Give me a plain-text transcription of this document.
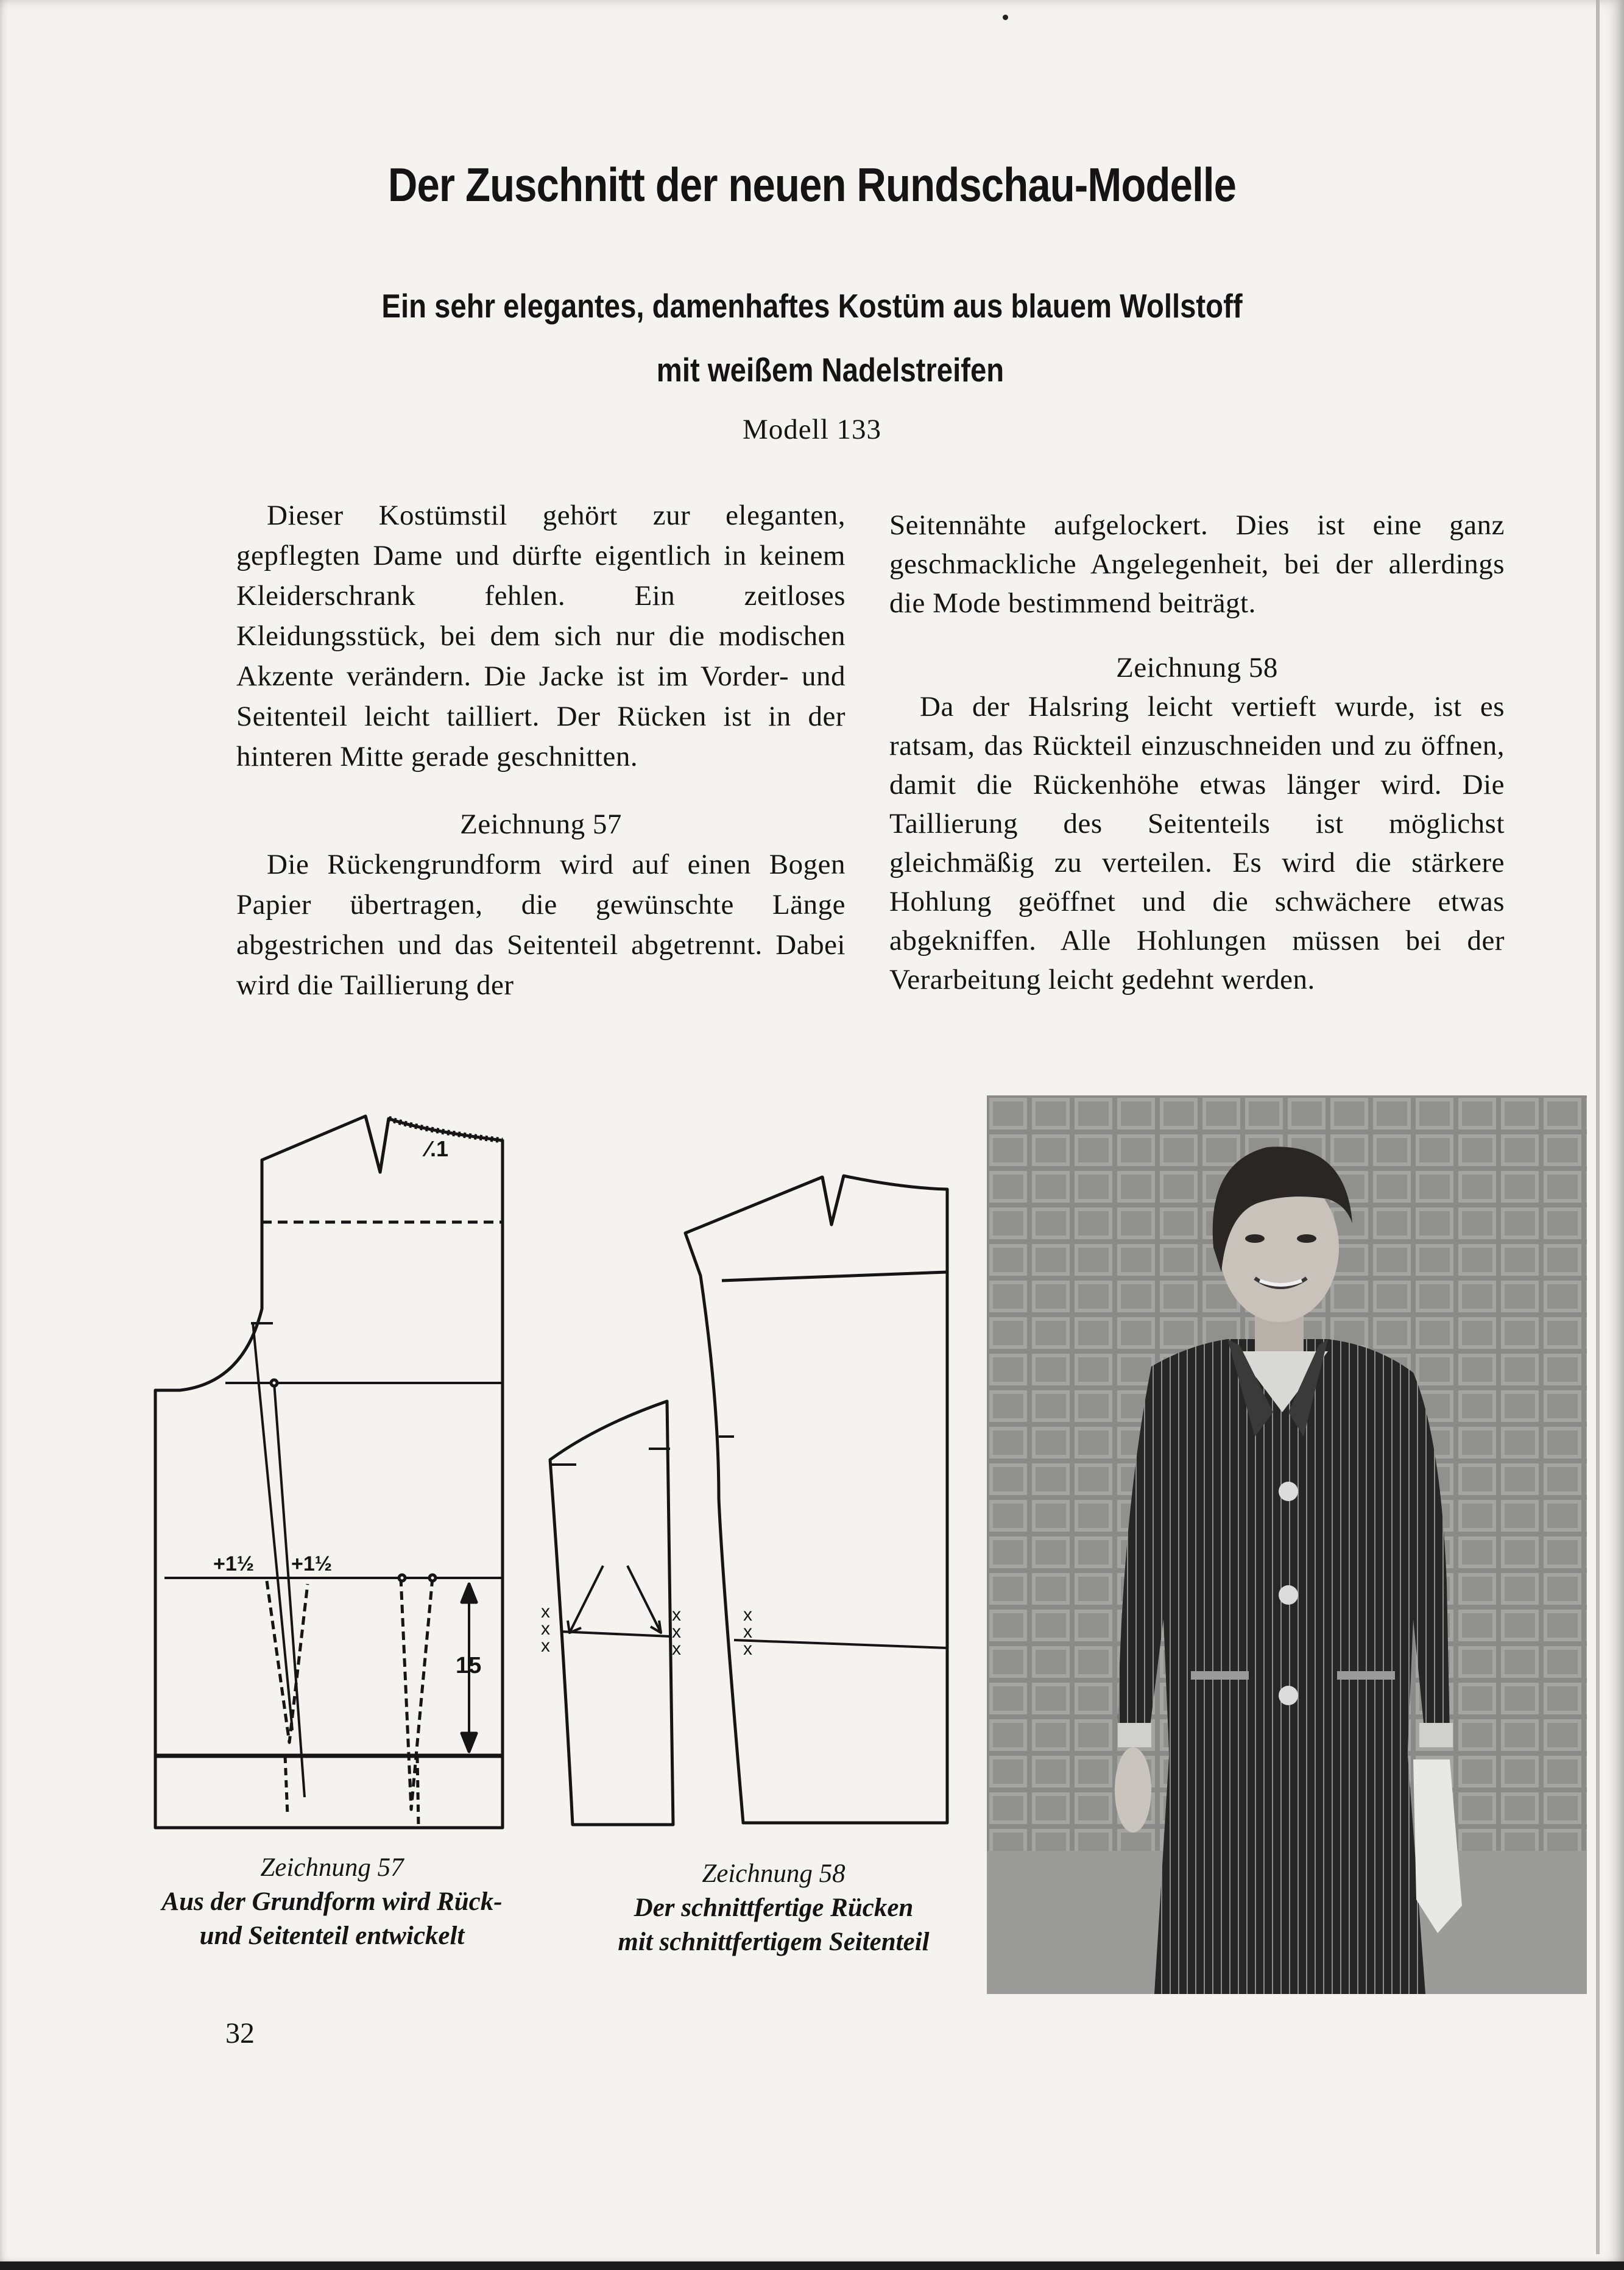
Der Zuschnitt der neuen Rundschau-Modelle
Ein sehr elegantes, damenhaftes Kostüm aus blauem Wollstoff
mit weißem Nadelstreifen
Modell 133

Dieser Kostümstil gehört zur eleganten, gepflegten Dame und dürfte eigentlich in keinem Kleiderschrank fehlen. Ein zeitloses Kleidungsstück, bei dem sich nur die modischen Akzente verändern. Die Jacke ist im Vorder- und Seitenteil leicht tailliert. Der Rücken ist in der hinteren Mitte gerade geschnitten.

Zeichnung 57

Die Rückengrundform wird auf einen Bogen Papier übertragen, die gewünschte Länge abgestrichen und das Seitenteil abgetrennt. Dabei wird die Taillierung der

Seitennähte aufgelockert. Dies ist eine ganz geschmackliche Angelegenheit, bei der allerdings die Mode bestimmend beiträgt.

Zeichnung 58

Da der Halsring leicht vertieft wurde, ist es ratsam, das Rückteil einzuschneiden und zu öffnen, damit die Rückenhöhe etwas länger wird. Die Taillierung des Seitenteils ist möglichst gleichmäßig zu verteilen. Es wird die stärkere Hohlung geöffnet und die schwächere etwas abgekniffen. Alle Hohlungen müssen bei der Verarbeitung leicht gedehnt werden.

⁄.1
+1½ +1½
15
x
x
x
x
x
x
x
x
x
Zeichnung 57
Aus der Grundform wird Rück-
und Seitenteil entwickelt
Zeichnung 58
Der schnittfertige Rücken
mit schnittfertigem Seitenteil
32
